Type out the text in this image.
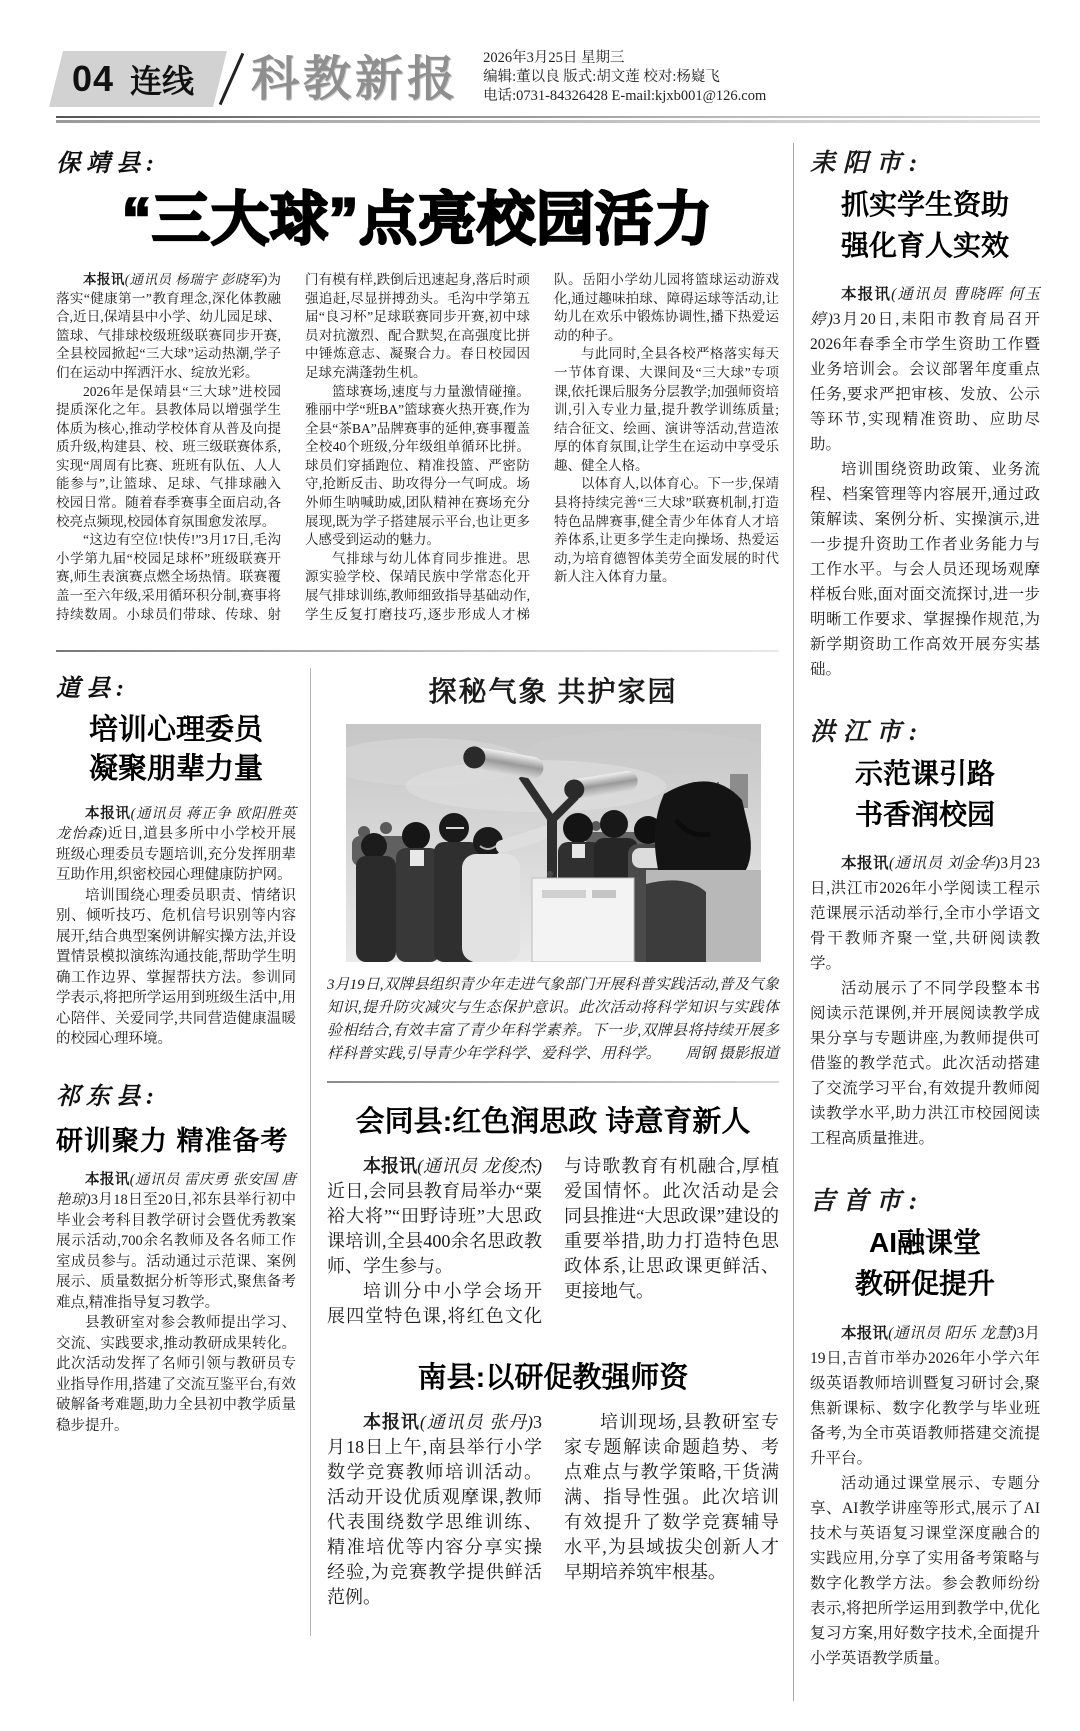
04 连线 科教新报 2026年3月25日 星期三
编辑:董以良 版式:胡文莲 校对:杨嶷飞
电话:0731-84326428 E-mail:kjxb001@126.com
保靖县:
“三大球”点亮校园活力

本报讯(通讯员 杨瑞宇 彭晓军)为落实“健康第一”教育理念,深化体教融合,近日,保靖县中小学、幼儿园足球、篮球、气排球校级班级联赛同步开赛,全县校园掀起“三大球”运动热潮,学子们在运动中挥洒汗水、绽放光彩。

2026年是保靖县“三大球”进校园提质深化之年。县教体局以增强学生体质为核心,推动学校体育从普及向提质升级,构建县、校、班三级联赛体系,实现“周周有比赛、班班有队伍、人人能参与”,让篮球、足球、气排球融入校园日常。随着春季赛事全面启动,各校亮点频现,校园体育氛围愈发浓厚。

“这边有空位!快传!”3月17日,毛沟小学第九届“校园足球杯”班级联赛开赛,师生表演赛点燃全场热情。联赛覆盖一至六年级,采用循环积分制,赛事将持续数周。小球员们带球、传球、射门有模有样,跌倒后迅速起身,落后时顽强追赶,尽显拼搏劲头。毛沟中学第五届“良习杯”足球联赛同步开赛,初中球员对抗激烈、配合默契,在高强度比拼中锤炼意志、凝聚合力。春日校园因足球充满蓬勃生机。

篮球赛场,速度与力量激情碰撞。雅丽中学“班BA”篮球赛火热开赛,作为全县“茶BA”品牌赛事的延伸,赛事覆盖全校40个班级,分年级组单循环比拼。球员们穿插跑位、精准投篮、严密防守,抢断反击、助攻得分一气呵成。场外师生呐喊助威,团队精神在赛场充分展现,既为学子搭建展示平台,也让更多人感受到运动的魅力。

气排球与幼儿体育同步推进。思源实验学校、保靖民族中学常态化开展气排球训练,教师细致指导基础动作,学生反复打磨技巧,逐步形成人才梯队。岳阳小学幼儿园将篮球运动游戏化,通过趣味拍球、障碍运球等活动,让幼儿在欢乐中锻炼协调性,播下热爱运动的种子。

与此同时,全县各校严格落实每天一节体育课、大课间及“三大球”专项课,依托课后服务分层教学;加强师资培训,引入专业力量,提升教学训练质量;结合征文、绘画、演讲等活动,营造浓厚的体育氛围,让学生在运动中享受乐趣、健全人格。

以体育人,以体育心。下一步,保靖县将持续完善“三大球”联赛机制,打造特色品牌赛事,健全青少年体育人才培养体系,让更多学生走向操场、热爱运动,为培育德智体美劳全面发展的时代新人注入体育力量。

道县:
培训心理委员
凝聚朋辈力量

本报讯(通讯员 蒋正争 欧阳胜英 龙怡森)近日,道县多所中小学校开展班级心理委员专题培训,充分发挥朋辈互助作用,织密校园心理健康防护网。

培训围绕心理委员职责、情绪识别、倾听技巧、危机信号识别等内容展开,结合典型案例讲解实操方法,并设置情景模拟演练沟通技能,帮助学生明确工作边界、掌握帮扶方法。参训同学表示,将把所学运用到班级生活中,用心陪伴、关爱同学,共同营造健康温暖的校园心理环境。

祁东县:
研训聚力 精准备考

本报讯(通讯员 雷庆勇 张安国 唐艳琼)3月18日至20日,祁东县举行初中毕业会考科目教学研讨会暨优秀教案展示活动,700余名教师及各名师工作室成员参与。活动通过示范课、案例展示、质量数据分析等形式,聚焦备考难点,精准指导复习教学。

县教研室对参会教师提出学习、交流、实践要求,推动教研成果转化。此次活动发挥了名师引领与教研员专业指导作用,搭建了交流互鉴平台,有效破解备考难题,助力全县初中教学质量稳步提升。

探秘气象 共护家园

3月19日,双牌县组织青少年走进气象部门开展科普实践活动,普及气象知识,提升防灾减灾与生态保护意识。此次活动将科学知识与实践体验相结合,有效丰富了青少年科学素养。下一步,双牌县将持续开展多样科普实践,引导青少年学科学、爱科学、用科学。	周钢 摄影报道

会同县:红色润思政 诗意育新人

本报讯(通讯员 龙俊杰)近日,会同县教育局举办“粟裕大将”“田野诗班”大思政课培训,全县400余名思政教师、学生参与。

培训分中小学会场开展四堂特色课,将红色文化与诗歌教育有机融合,厚植爱国情怀。此次活动是会同县推进“大思政课”建设的重要举措,助力打造特色思政体系,让思政课更鲜活、更接地气。

南县:以研促教强师资

本报讯(通讯员 张丹)3月18日上午,南县举行小学数学竞赛教师培训活动。活动开设优质观摩课,教师代表围绕数学思维训练、精准培优等内容分享实操经验,为竞赛教学提供鲜活范例。

培训现场,县教研室专家专题解读命题趋势、考点难点与教学策略,干货满满、指导性强。此次培训有效提升了数学竞赛辅导水平,为县域拔尖创新人才早期培养筑牢根基。

耒阳市:
抓实学生资助
强化育人实效

本报讯(通讯员 曹晓晖 何玉婷)3月20日,耒阳市教育局召开2026年春季全市学生资助工作暨业务培训会。会议部署年度重点任务,要求严把审核、发放、公示等环节,实现精准资助、应助尽助。

培训围绕资助政策、业务流程、档案管理等内容展开,通过政策解读、案例分析、实操演示,进一步提升资助工作者业务能力与工作水平。与会人员还现场观摩样板台账,面对面交流探讨,进一步明晰工作要求、掌握操作规范,为新学期资助工作高效开展夯实基础。

洪江市:
示范课引路
书香润校园

本报讯(通讯员 刘金华)3月23日,洪江市2026年小学阅读工程示范课展示活动举行,全市小学语文骨干教师齐聚一堂,共研阅读教学。

活动展示了不同学段整本书阅读示范课例,并开展阅读教学成果分享与专题讲座,为教师提供可借鉴的教学范式。此次活动搭建了交流学习平台,有效提升教师阅读教学水平,助力洪江市校园阅读工程高质量推进。

吉首市:
AI融课堂
教研促提升

本报讯(通讯员 阳乐 龙慧)3月19日,吉首市举办2026年小学六年级英语教师培训暨复习研讨会,聚焦新课标、数字化教学与毕业班备考,为全市英语教师搭建交流提升平台。

活动通过课堂展示、专题分享、AI教学讲座等形式,展示了AI技术与英语复习课堂深度融合的实践应用,分享了实用备考策略与数字化教学方法。参会教师纷纷表示,将把所学运用到教学中,优化复习方案,用好数字技术,全面提升小学英语教学质量。
